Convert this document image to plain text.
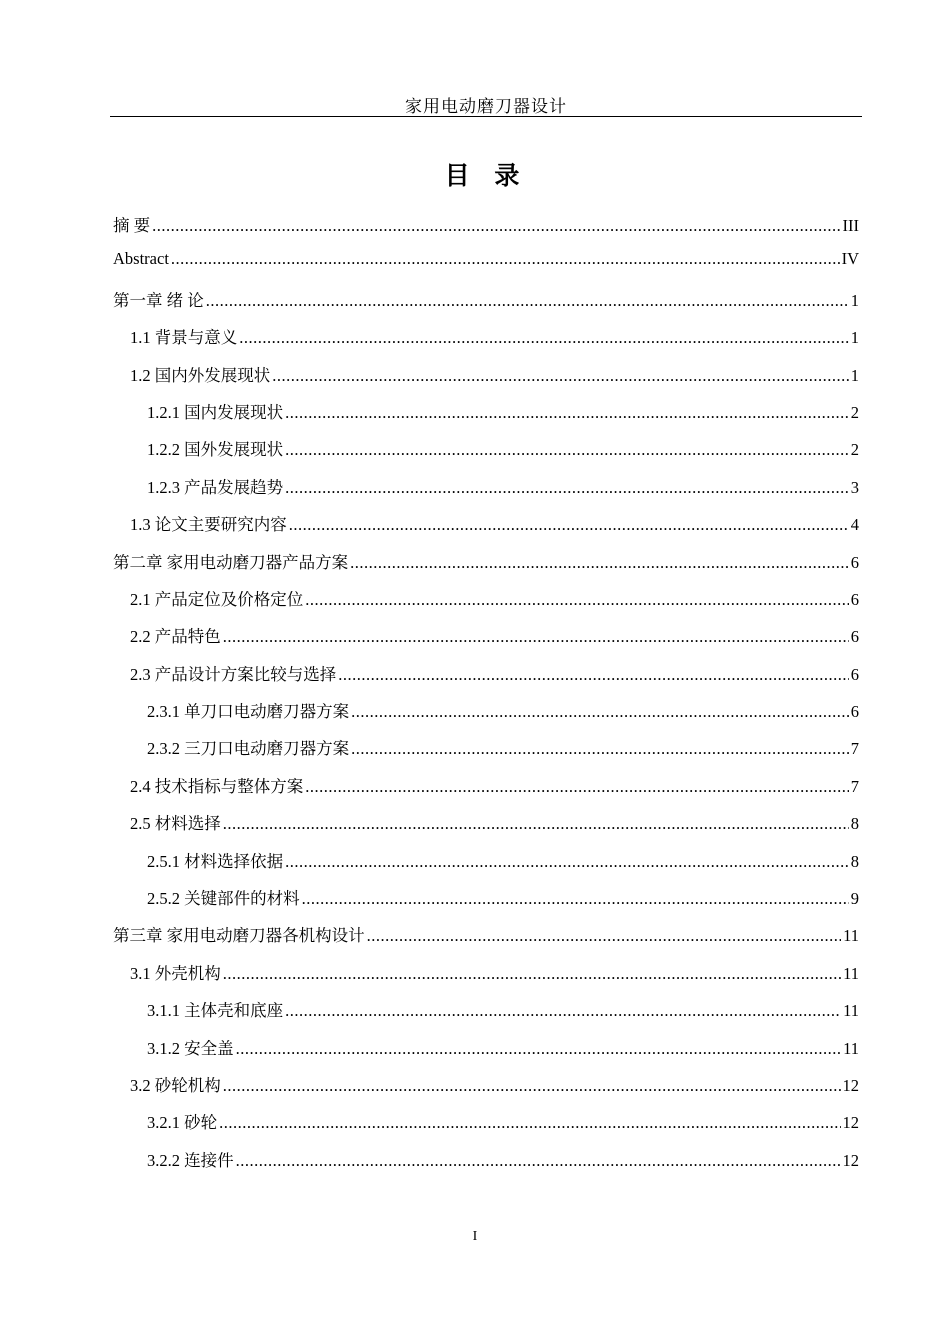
家用电动磨刀器设计
目 录
摘 要 .....	III
Abstract .....	IV
第一章 绪 论 .....	1
1.1 背景与意义 .....	1
1.2 国内外发展现状 .....	1
1.2.1 国内发展现状 .....	2
1.2.2 国外发展现状 .....	2
1.2.3 产品发展趋势 .....	3
1.3 论文主要研究内容 .....	4
第二章 家用电动磨刀器产品方案 .....	6
2.1 产品定位及价格定位 .....	6
2.2 产品特色 .....	6
2.3 产品设计方案比较与选择 .....	6
2.3.1 单刀口电动磨刀器方案 .....	6
2.3.2 三刀口电动磨刀器方案 .....	7
2.4 技术指标与整体方案 .....	7
2.5 材料选择 .....	8
2.5.1 材料选择依据 .....	8
2.5.2 关键部件的材料 .....	9
第三章 家用电动磨刀器各机构设计 .....	11
3.1 外壳机构 .....	11
3.1.1 主体壳和底座 .....	11
3.1.2 安全盖 .....	11
3.2 砂轮机构 .....	12
3.2.1 砂轮 .....	12
3.2.2 连接件 .....	12
I
